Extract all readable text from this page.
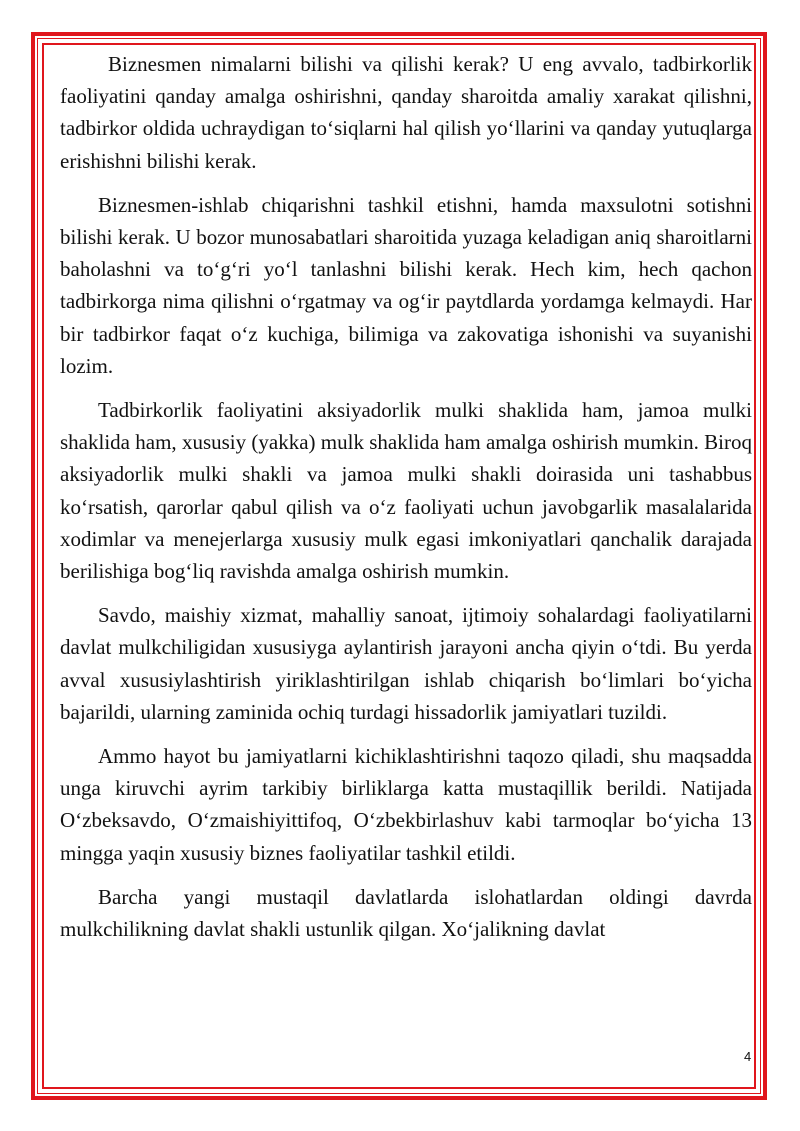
Biznesmen nimalarni bilishi va qilishi kerak? U eng avvalo, tadbirkorlik faoliyatini qanday amalga oshirishni, qanday sharoitda amaliy xarakat qilishni, tadbirkor oldida uchraydigan to‘siqlarni hal qilish yo‘llarini va qanday yutuqlarga erishishni bilishi kerak.

Biznesmen-ishlab chiqarishni tashkil etishni, hamda maxsulotni sotishni bilishi kerak. U bozor munosabatlari sharoitida yuzaga keladigan aniq sharoitlarni baholashni va to‘g‘ri yo‘l tanlashni bilishi kerak. Hech kim, hech qachon tadbirkorga nima qilishni o‘rgatmay va og‘ir paytdlarda yordamga kelmaydi. Har bir tadbirkor faqat o‘z kuchiga, bilimiga va zakovatiga ishonishi va suyanishi lozim.

Tadbirkorlik faoliyatini aksiyadorlik mulki shaklida ham, jamoa mulki shaklida ham, xususiy (yakka) mulk shaklida ham amalga oshirish mumkin. Biroq aksiyadorlik mulki shakli va jamoa mulki shakli doirasida uni tashabbus ko‘rsatish, qarorlar qabul qilish va o‘z faoliyati uchun javobgarlik masalalarida xodimlar va menejerlarga xususiy mulk egasi imkoniyatlari qanchalik darajada berilishiga bog‘liq ravishda amalga oshirish mumkin.

Savdo, maishiy xizmat, mahalliy sanoat, ijtimoiy sohalardagi faoliyatilarni davlat mulkchiligidan xususiyga aylantirish jarayoni ancha qiyin o‘tdi. Bu yerda avval xususiylashtirish yiriklashtirilgan ishlab chiqarish bo‘limlari bo‘yicha bajarildi, ularning zaminida ochiq turdagi hissadorlik jamiyatlari tuzildi.

Ammo hayot bu jamiyatlarni kichiklashtirishni taqozo qiladi, shu maqsadda unga kiruvchi ayrim tarkibiy birliklarga katta mustaqillik berildi. Natijada O‘zbeksavdo, O‘zmaishiyittifoq, O‘zbekbirlashuv kabi tarmoqlar bo‘yicha 13 mingga yaqin xususiy biznes faoliyatilar tashkil etildi.

Barcha yangi mustaqil davlatlarda islohatlardan oldingi davrda mulkchilikning davlat shakli ustunlik qilgan. Xo‘jalikning davlat

4
